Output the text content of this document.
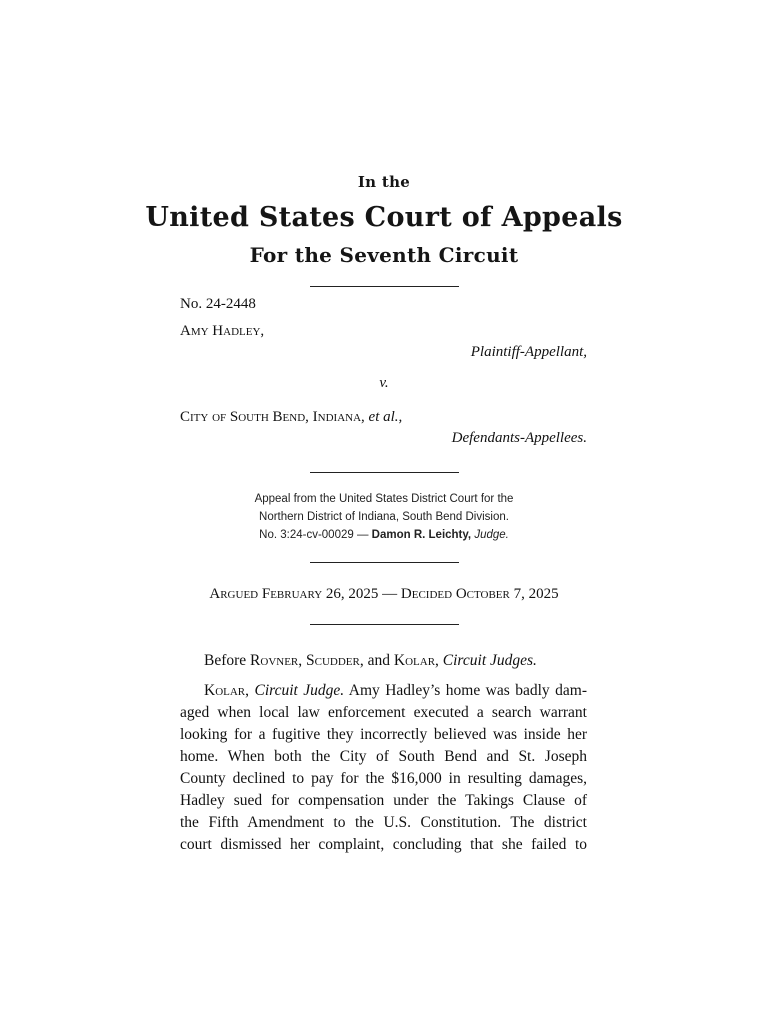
In the
United States Court of Appeals
For the Seventh Circuit
No. 24-2448
Amy Hadley,
Plaintiff-Appellant,
v.
City of South Bend, Indiana, et al.,
Defendants-Appellees.
Appeal from the United States District Court for the
Northern District of Indiana, South Bend Division.
No. 3:24-cv-00029 — Damon R. Leichty, Judge.
Argued February 26, 2025 — Decided October 7, 2025
Before Rovner, Scudder, and Kolar, Circuit Judges.
Kolar, Circuit Judge. Amy Hadley’s home was badly dam-
aged when local law enforcement executed a search warrant
looking for a fugitive they incorrectly believed was inside her
home. When both the City of South Bend and St. Joseph
County declined to pay for the $16,000 in resulting damages,
Hadley sued for compensation under the Takings Clause of
the Fifth Amendment to the U.S. Constitution. The district
court dismissed her complaint, concluding that she failed to
